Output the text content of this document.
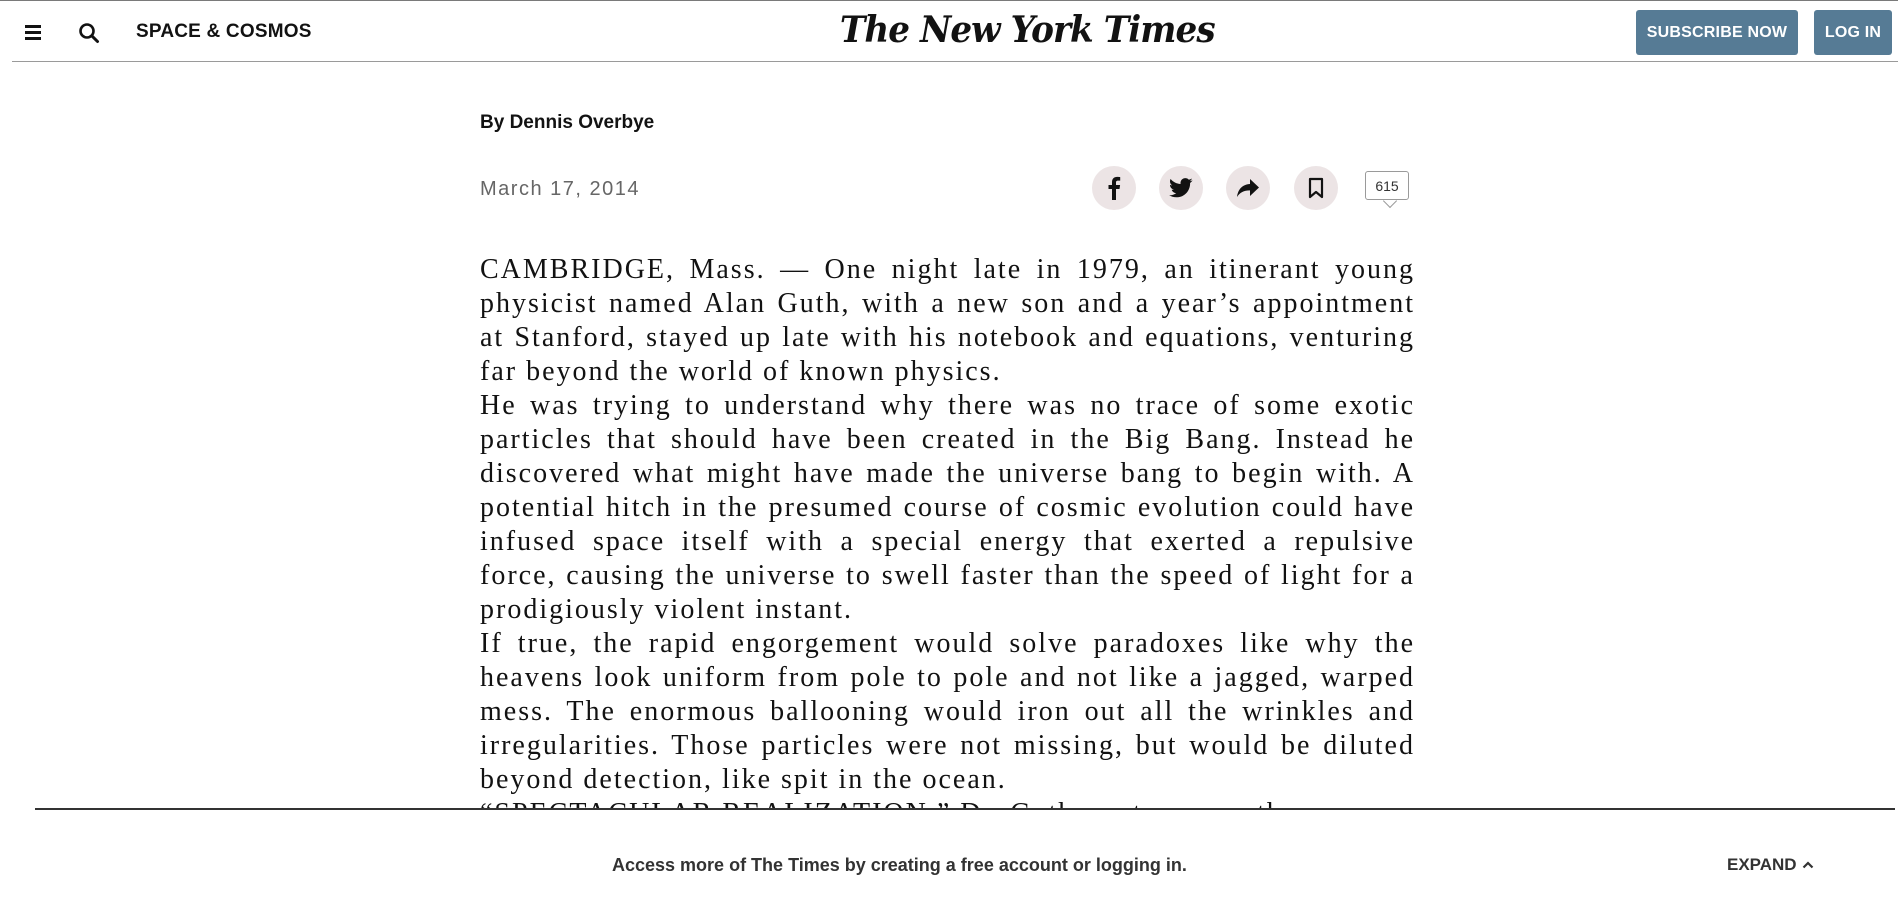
SPACE & COSMOS	The New York Times	SUBSCRIBE NOW	LOG IN
By Dennis Overbye
March 17, 2014	615

CAMBRIDGE, Mass. — One night late in 1979, an itinerant young physicist named Alan Guth, with a new son and a year’s appointment at Stanford, stayed up late with his notebook and equations, venturing far beyond the world of known physics.

He was trying to understand why there was no trace of some exotic particles that should have been created in the Big Bang. Instead he discovered what might have made the universe bang to begin with. A potential hitch in the presumed course of cosmic evolution could have infused space itself with a special energy that exerted a repulsive force, causing the universe to swell faster than the speed of light for a prodigiously violent instant.

If true, the rapid engorgement would solve paradoxes like why the heavens look uniform from pole to pole and not like a jagged, warped mess. The enormous ballooning would iron out all the wrinkles and irregularities. Those particles were not missing, but would be diluted beyond detection, like spit in the ocean.

Access more of The Times by creating a free account or logging in.	EXPAND
